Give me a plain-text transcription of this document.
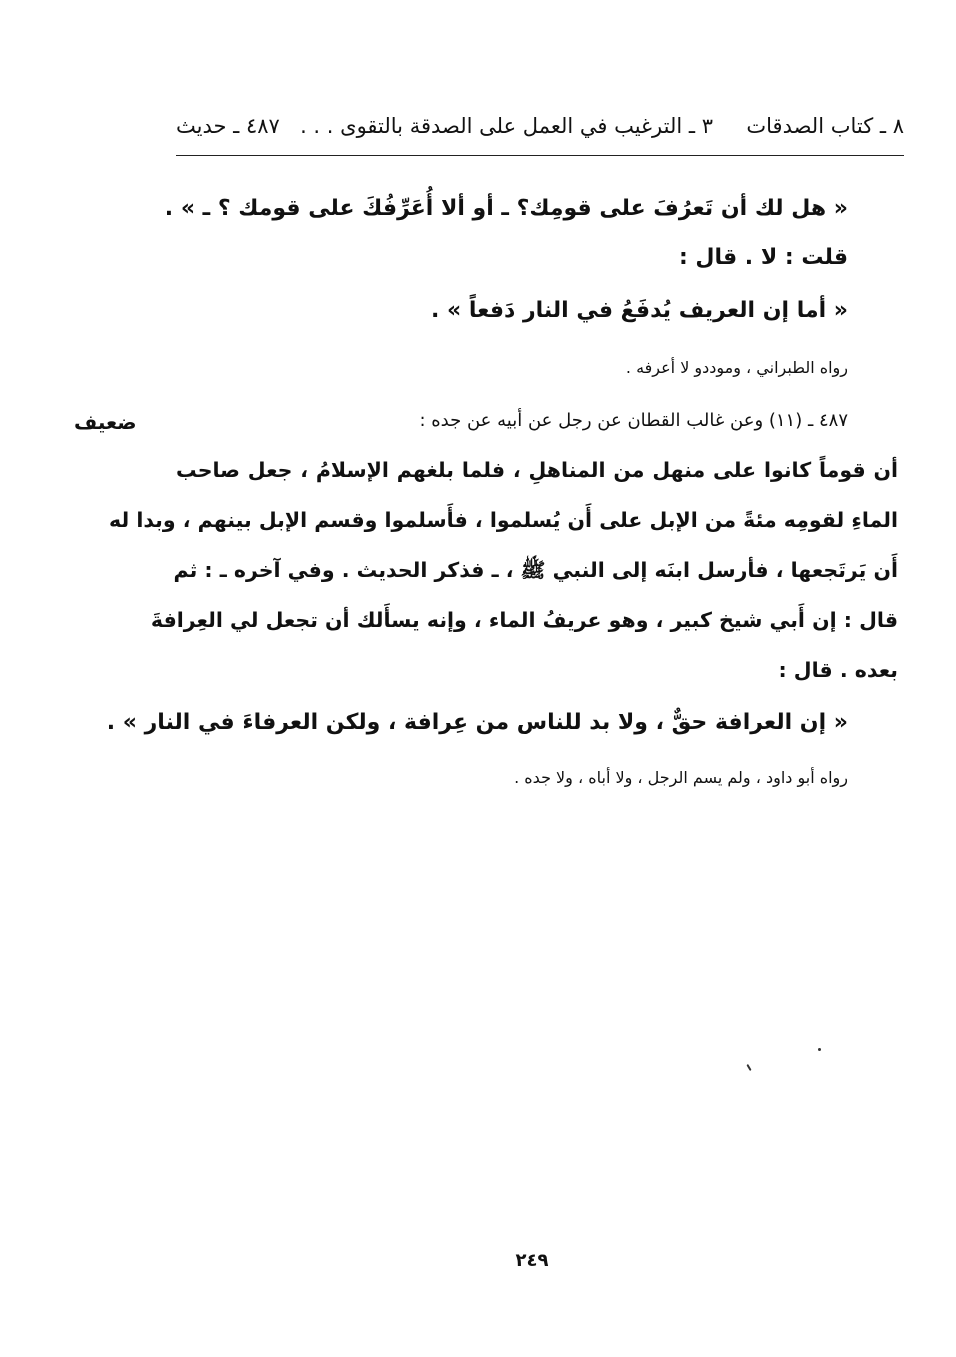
٤٨٧ ـ حديث ٨ ـ كتاب الصدقات     ٣ ـ الترغيب في العمل على الصدقة بالتقوى . . .
« هل لك أن تَعرُفَ على قومِك؟ ـ أو ألا أُعَرِّفُكَ على قومك ؟ ـ » .
قلت : لا . قال :
« أما إن العريف يُدفَعُ في النار دَفعاً » .
رواه الطبراني ، وموددو لا أعرفه .
٤٨٧ ـ (١١) وعن غالب القطان عن رجل عن أبيه عن جده :
ضعيف
أن قوماً كانوا على منهل من المناهلِ ، فلما بلغهم الإسلامُ ، جعل صاحب
الماءِ لقومِه مئةً من الإبل على أَن يُسلموا ، فأَسلموا وقسم الإبل بينهم ، وبدا له
أَن يَرتَجعها ، فأرسل ابنَه إلى النبي ﷺ ، ـ فذكر الحديث . وفي آخره ـ : ثم
قال : إن أَبي شيخ كبير ، وهو عريفُ الماء ، وإنه يسأَلك أن تجعل لي العِرافةَ
بعده . قال :
« إن العرافة حقٌّ ، ولا بد للناس من عِرافة ، ولكن العرفاءَ في النار » .
رواه أبو داود ، ولم يسم الرجل ، ولا أباه ، ولا جده .
٢٤٩
